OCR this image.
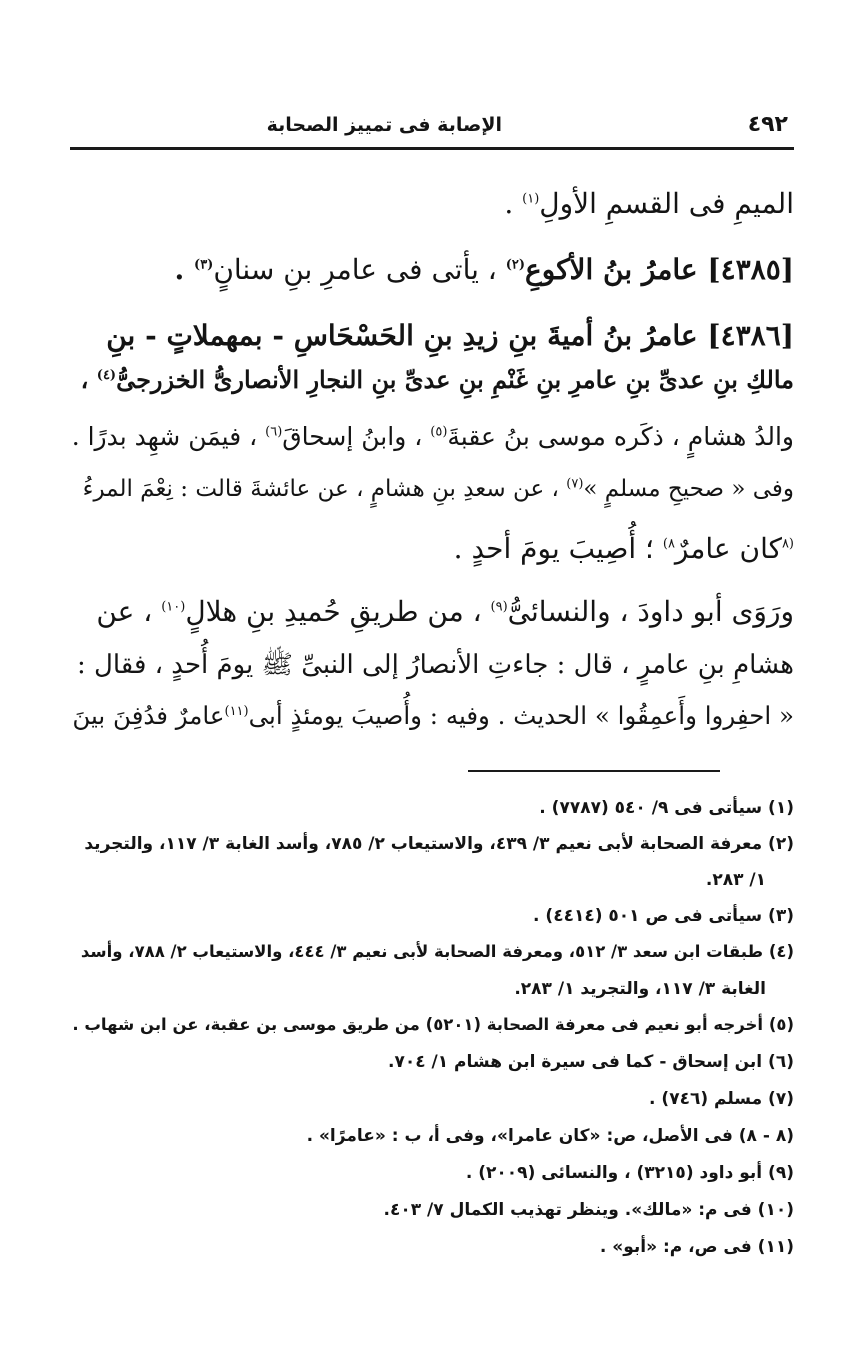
٤٩٢
الإصابة فى تمييز الصحابة
الميمِ فى القسمِ الأولِ$^{(١)}$ .
[٤٣٨٥] عامرُ بنُ الأكوعِ$^{(٢)}$ ، يأتى فى عامرِ بنِ سنانٍ$^{(٣)}$ .
[٤٣٨٦] عامرُ بنُ أميةَ بنِ زيدِ بنِ الحَسْحَاسِ - بمهملاتٍ - بنِ
مالكِ بنِ عدىِّ بنِ عامرِ بنِ غَنْمِ بنِ عدىِّ بنِ النجارِ الأنصارىُّ الخزرجىُّ$^{(٤)}$ ،
والدُ هشامٍ ، ذكَره موسى بنُ عقبةَ$^{(٥)}$ ، وابنُ إسحاقَ$^{(٦)}$ ، فيمَن شهِد بدرًا .
وفى « صحيحِ مسلمٍ »$^{(٧)}$ ، عن سعدِ بنِ هشامٍ ، عن عائشةَ قالت : نِعْمَ المرءُ
$^{(٨}$كان عامرٌ$^{٨)}$ ؛ أُصِيبَ يومَ أحدٍ .
ورَوَى أبو داودَ ، والنسائىُّ$^{(٩)}$ ، من طريقِ حُميدِ بنِ هلالٍ$^{(١٠)}$ ، عن
هشامِ بنِ عامرٍ ، قال : جاءتِ الأنصارُ إلى النبىِّ ﷺ يومَ أُحدٍ ، فقال :
« احفِروا وأَعمِقُوا » الحديث . وفيه : وأُصيبَ يومئذٍ أبى$^{(١١)}$عامرٌ فدُفِنَ بينَ
(١) سيأتى فى ٩/ ٥٤٠ (٧٧٨٧) .
(٢) معرفة الصحابة لأبى نعيم ٣/ ٤٣٩، والاستيعاب ٢/ ٧٨٥، وأسد الغابة ٣/ ١١٧، والتجريد
١/ ٢٨٣.
(٣) سيأتى فى ص ٥٠١ (٤٤١٤) .
(٤) طبقات ابن سعد ٣/ ٥١٢، ومعرفة الصحابة لأبى نعيم ٣/ ٤٤٤، والاستيعاب ٢/ ٧٨٨، وأسد
الغابة ٣/ ١١٧، والتجريد ١/ ٢٨٣.
(٥) أخرجه أبو نعيم فى معرفة الصحابة (٥٢٠١) من طريق موسى بن عقبة، عن ابن شهاب .
(٦) ابن إسحاق - كما فى سيرة ابن هشام ١/ ٧٠٤.
(٧) مسلم (٧٤٦) .
(٨ - ٨) فى الأصل، ص: «كان عامرا»، وفى أ، ب : «عامرًا» .
(٩) أبو داود (٣٢١٥) ، والنسائى (٢٠٠٩) .
(١٠) فى م: «مالك». وينظر تهذيب الكمال ٧/ ٤٠٣.
(١١) فى ص، م: «أبو» .
